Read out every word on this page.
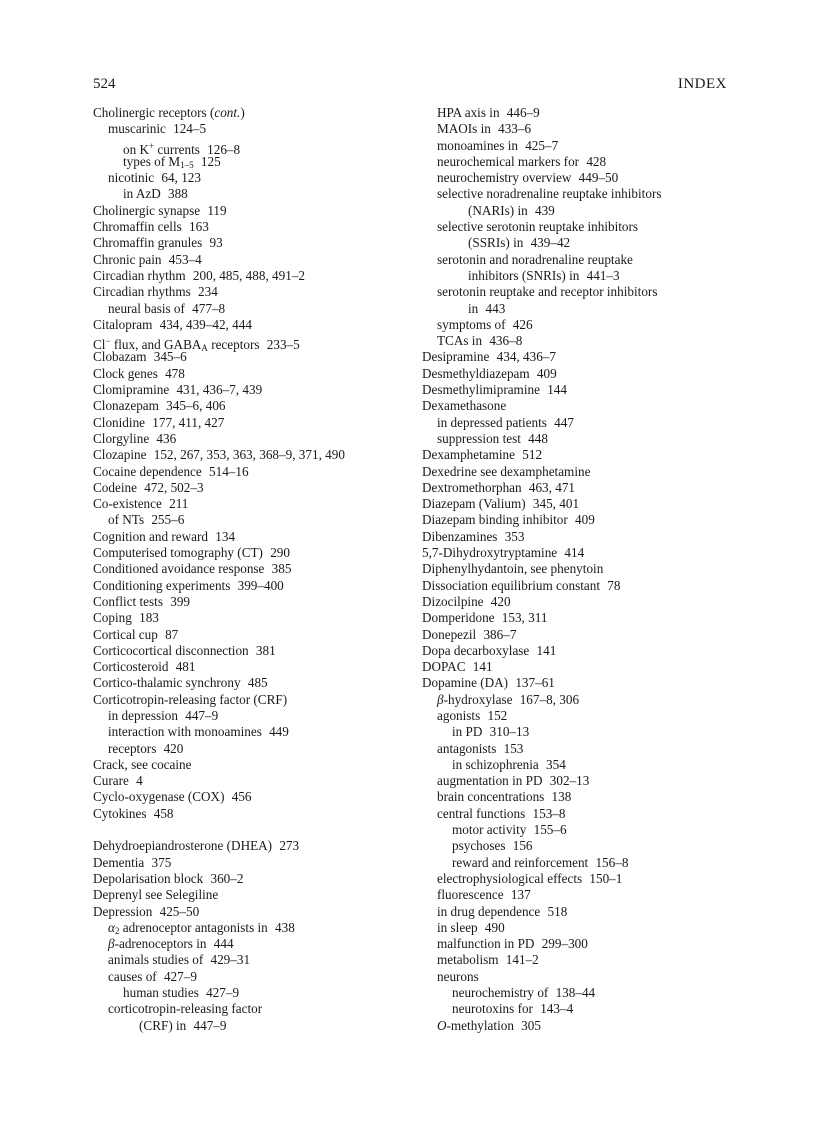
524	INDEX
Cholinergic receptors (cont.)
muscarinic 124–5
on K+ currents 126–8
types of $M_{1-5}$ 125
nicotinic 64, 123
in AzD 388
Cholinergic synapse 119
Chromaffin cells 163
Chromaffin granules 93
Chronic pain 453–4
Circadian rhythm 200, 485, 488, 491–2
Circadian rhythms 234
neural basis of 477–8
Citalopram 434, 439–42, 444
Cl− flux, and $GABA_A$ receptors 233–5
Clobazam 345–6
Clock genes 478
Clomipramine 431, 436–7, 439
Clonazepam 345–6, 406
Clonidine 177, 411, 427
Clorgyline 436
Clozapine 152, 267, 353, 363, 368–9, 371, 490
Cocaine dependence 514–16
Codeine 472, 502–3
Co-existence 211
of NTs 255–6
Cognition and reward 134
Computerised tomography (CT) 290
Conditioned avoidance response 385
Conditioning experiments 399–400
Conflict tests 399
Coping 183
Cortical cup 87
Corticocortical disconnection 381
Corticosteroid 481
Cortico-thalamic synchrony 485
Corticotropin-releasing factor (CRF)
in depression 447–9
interaction with monoamines 449
receptors 420
Crack, see cocaine
Curare 4
Cyclo-oxygenase (COX) 456
Cytokines 458
Dehydroepiandrosterone (DHEA) 273
Dementia 375
Depolarisation block 360–2
Deprenyl see Selegiline
Depression 425–50
$\alpha_2$ adrenoceptor antagonists in 438
β-adrenoceptors in 444
animals studies of 429–31
causes of 427–9
human studies 427–9
corticotropin-releasing factor
(CRF) in 447–9
HPA axis in 446–9
MAOIs in 433–6
monoamines in 425–7
neurochemical markers for 428
neurochemistry overview 449–50
selective noradrenaline reuptake inhibitors
(NARIs) in 439
selective serotonin reuptake inhibitors
(SSRIs) in 439–42
serotonin and noradrenaline reuptake
inhibitors (SNRIs) in 441–3
serotonin reuptake and receptor inhibitors
in 443
symptoms of 426
TCAs in 436–8
Desipramine 434, 436–7
Desmethyldiazepam 409
Desmethylimipramine 144
Dexamethasone
in depressed patients 447
suppression test 448
Dexamphetamine 512
Dexedrine see dexamphetamine
Dextromethorphan 463, 471
Diazepam (Valium) 345, 401
Diazepam binding inhibitor 409
Dibenzamines 353
5,7-Dihydroxytryptamine 414
Diphenylhydantoin, see phenytoin
Dissociation equilibrium constant 78
Dizocilpine 420
Domperidone 153, 311
Donepezil 386–7
Dopa decarboxylase 141
DOPAC 141
Dopamine (DA) 137–61
β-hydroxylase 167–8, 306
agonists 152
in PD 310–13
antagonists 153
in schizophrenia 354
augmentation in PD 302–13
brain concentrations 138
central functions 153–8
motor activity 155–6
psychoses 156
reward and reinforcement 156–8
electrophysiological effects 150–1
fluorescence 137
in drug dependence 518
in sleep 490
malfunction in PD 299–300
metabolism 141–2
neurons
neurochemistry of 138–44
neurotoxins for 143–4
O-methylation 305
